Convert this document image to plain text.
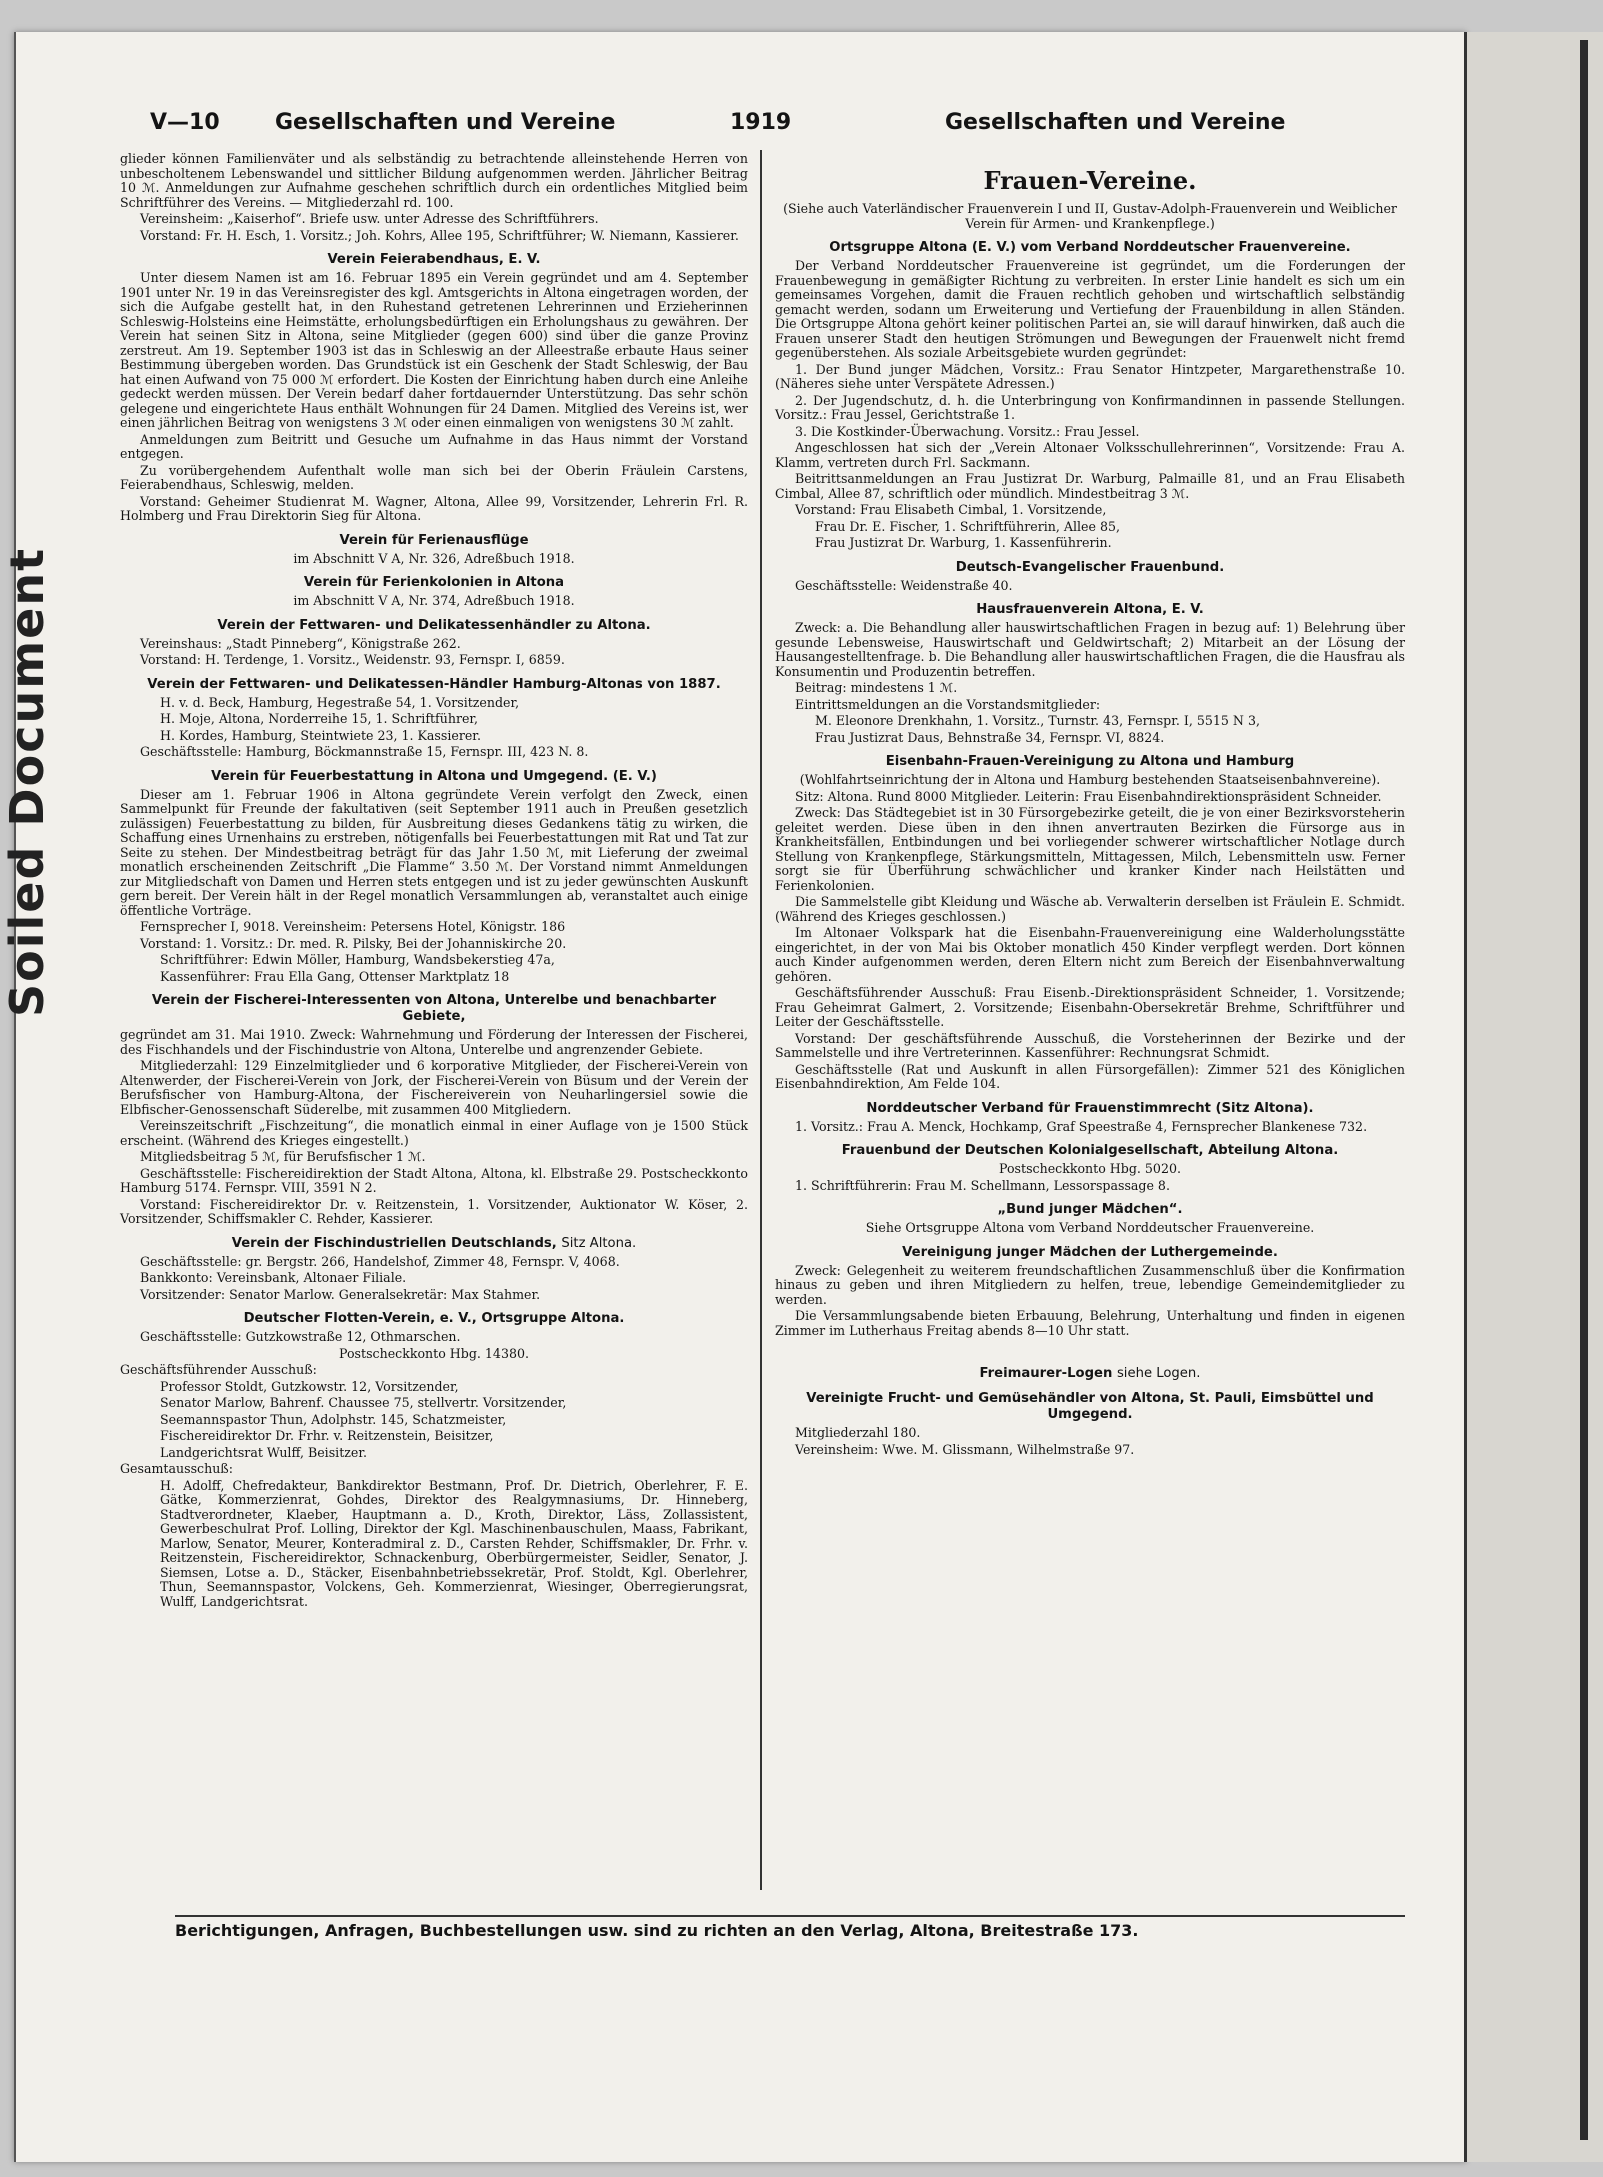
Soiled Document
V—10	Gesellschaften und Vereine	1919	Gesellschaften und Vereine

glieder können Familienväter und als selbständig zu betrachtende alleinstehende Herren von unbescholtenem Lebenswandel und sittlicher Bildung aufgenommen werden. Jährlicher Beitrag 10 ℳ. Anmeldungen zur Aufnahme geschehen schriftlich durch ein ordentliches Mitglied beim Schriftführer des Vereins. — Mitgliederzahl rd. 100.

Vereinsheim: „Kaiserhof“. Briefe usw. unter Adresse des Schriftführers.

Vorstand: Fr. H. Esch, 1. Vorsitz.; Joh. Kohrs, Allee 195, Schriftführer; W. Niemann, Kassierer.

Verein Feierabendhaus, E. V.

Unter diesem Namen ist am 16. Februar 1895 ein Verein gegründet und am 4. September 1901 unter Nr. 19 in das Vereinsregister des kgl. Amtsgerichts in Altona eingetragen worden, der sich die Aufgabe gestellt hat, in den Ruhestand getretenen Lehrerinnen und Erzieherinnen Schleswig-Holsteins eine Heimstätte, erholungsbedürftigen ein Erholungshaus zu gewähren. Der Verein hat seinen Sitz in Altona, seine Mitglieder (gegen 600) sind über die ganze Provinz zerstreut. Am 19. September 1903 ist das in Schleswig an der Alleestraße erbaute Haus seiner Bestimmung übergeben worden. Das Grundstück ist ein Geschenk der Stadt Schleswig, der Bau hat einen Aufwand von 75 000 ℳ erfordert. Die Kosten der Einrichtung haben durch eine Anleihe gedeckt werden müssen. Der Verein bedarf daher fortdauernder Unterstützung. Das sehr schön gelegene und eingerichtete Haus enthält Wohnungen für 24 Damen. Mitglied des Vereins ist, wer einen jährlichen Beitrag von wenigstens 3 ℳ oder einen einmaligen von wenigstens 30 ℳ zahlt.

Anmeldungen zum Beitritt und Gesuche um Aufnahme in das Haus nimmt der Vorstand entgegen.

Zu vorübergehendem Aufenthalt wolle man sich bei der Oberin Fräulein Carstens, Feierabendhaus, Schleswig, melden.

Vorstand: Geheimer Studienrat M. Wagner, Altona, Allee 99, Vorsitzender, Lehrerin Frl. R. Holmberg und Frau Direktorin Sieg für Altona.

Verein für Ferienausflüge

im Abschnitt V A, Nr. 326, Adreßbuch 1918.

Verein für Ferienkolonien in Altona

im Abschnitt V A, Nr. 374, Adreßbuch 1918.

Verein der Fettwaren- und Delikatessenhändler zu Altona.

Vereinshaus: „Stadt Pinneberg“, Königstraße 262.

Vorstand: H. Terdenge, 1. Vorsitz., Weidenstr. 93, Fernspr. I, 6859.

Verein der Fettwaren- und Delikatessen-Händler Hamburg-Altonas von 1887.

H. v. d. Beck, Hamburg, Hegestraße 54, 1. Vorsitzender,

H. Moje, Altona, Norderreihe 15, 1. Schriftführer,

H. Kordes, Hamburg, Steintwiete 23, 1. Kassierer.

Geschäftsstelle: Hamburg, Böckmannstraße 15, Fernspr. III, 423 N. 8.

Verein für Feuerbestattung in Altona und Umgegend. (E. V.)

Dieser am 1. Februar 1906 in Altona gegründete Verein verfolgt den Zweck, einen Sammelpunkt für Freunde der fakultativen (seit September 1911 auch in Preußen gesetzlich zulässigen) Feuerbestattung zu bilden, für Ausbreitung dieses Gedankens tätig zu wirken, die Schaffung eines Urnenhains zu erstreben, nötigenfalls bei Feuerbestattungen mit Rat und Tat zur Seite zu stehen. Der Mindestbeitrag beträgt für das Jahr 1.50 ℳ, mit Lieferung der zweimal monatlich erscheinenden Zeitschrift „Die Flamme“ 3.50 ℳ. Der Vorstand nimmt Anmeldungen zur Mitgliedschaft von Damen und Herren stets entgegen und ist zu jeder gewünschten Auskunft gern bereit. Der Verein hält in der Regel monatlich Versammlungen ab, veranstaltet auch einige öffentliche Vorträge.

Fernsprecher I, 9018. Vereinsheim: Petersens Hotel, Königstr. 186

Vorstand: 1. Vorsitz.: Dr. med. R. Pilsky, Bei der Johanniskirche 20.

Schriftführer: Edwin Möller, Hamburg, Wandsbekerstieg 47a,

Kassenführer: Frau Ella Gang, Ottenser Marktplatz 18

Verein der Fischerei-Interessenten von Altona, Unterelbe und benachbarter Gebiete,

gegründet am 31. Mai 1910. Zweck: Wahrnehmung und Förderung der Interessen der Fischerei, des Fischhandels und der Fischindustrie von Altona, Unterelbe und angrenzender Gebiete.

Mitgliederzahl: 129 Einzelmitglieder und 6 korporative Mitglieder, der Fischerei-Verein von Altenwerder, der Fischerei-Verein von Jork, der Fischerei-Verein von Büsum und der Verein der Berufsfischer von Hamburg-Altona, der Fischereiverein von Neuharlingersiel sowie die Elbfischer-Genossenschaft Süderelbe, mit zusammen 400 Mitgliedern.

Vereinszeitschrift „Fischzeitung“, die monatlich einmal in einer Auflage von je 1500 Stück erscheint. (Während des Krieges eingestellt.)

Mitgliedsbeitrag 5 ℳ, für Berufsfischer 1 ℳ.

Geschäftsstelle: Fischereidirektion der Stadt Altona, Altona, kl. Elbstraße 29. Postscheckkonto Hamburg 5174. Fernspr. VIII, 3591 N 2.

Vorstand: Fischereidirektor Dr. v. Reitzenstein, 1. Vorsitzender, Auktionator W. Köser, 2. Vorsitzender, Schiffsmakler C. Rehder, Kassierer.

Verein der Fischindustriellen Deutschlands, Sitz Altona.

Geschäftsstelle: gr. Bergstr. 266, Handelshof, Zimmer 48, Fernspr. V, 4068.

Bankkonto: Vereinsbank, Altonaer Filiale.

Vorsitzender: Senator Marlow. Generalsekretär: Max Stahmer.

Deutscher Flotten-Verein, e. V., Ortsgruppe Altona.

Geschäftsstelle: Gutzkowstraße 12, Othmarschen.

Postscheckkonto Hbg. 14380.

Geschäftsführender Ausschuß:

Professor Stoldt, Gutzkowstr. 12, Vorsitzender,

Senator Marlow, Bahrenf. Chaussee 75, stellvertr. Vorsitzender,

Seemannspastor Thun, Adolphstr. 145, Schatzmeister,

Fischereidirektor Dr. Frhr. v. Reitzenstein, Beisitzer,

Landgerichtsrat Wulff, Beisitzer.

Gesamtausschuß:

H. Adolff, Chefredakteur, Bankdirektor Bestmann, Prof. Dr. Dietrich, Oberlehrer, F. E. Gätke, Kommerzienrat, Gohdes, Direktor des Realgymnasiums, Dr. Hinneberg, Stadtverordneter, Klaeber, Hauptmann a. D., Kroth, Direktor, Läss, Zollassistent, Gewerbeschulrat Prof. Lolling, Direktor der Kgl. Maschinenbauschulen, Maass, Fabrikant, Marlow, Senator, Meurer, Konteradmiral z. D., Carsten Rehder, Schiffsmakler, Dr. Frhr. v. Reitzenstein, Fischereidirektor, Schnackenburg, Oberbürgermeister, Seidler, Senator, J. Siemsen, Lotse a. D., Stäcker, Eisenbahnbetriebssekretär, Prof. Stoldt, Kgl. Oberlehrer, Thun, Seemannspastor, Volckens, Geh. Kommerzienrat, Wiesinger, Oberregierungsrat, Wulff, Landgerichtsrat.

Frauen-Vereine.

(Siehe auch Vaterländischer Frauenverein I und II, Gustav-Adolph-Frauenverein und Weiblicher Verein für Armen- und Krankenpflege.)

Ortsgruppe Altona (E. V.) vom Verband Norddeutscher Frauenvereine.

Der Verband Norddeutscher Frauenvereine ist gegründet, um die Forderungen der Frauenbewegung in gemäßigter Richtung zu verbreiten. In erster Linie handelt es sich um ein gemeinsames Vorgehen, damit die Frauen rechtlich gehoben und wirtschaftlich selbständig gemacht werden, sodann um Erweiterung und Vertiefung der Frauenbildung in allen Ständen. Die Ortsgruppe Altona gehört keiner politischen Partei an, sie will darauf hinwirken, daß auch die Frauen unserer Stadt den heutigen Strömungen und Bewegungen der Frauenwelt nicht fremd gegenüberstehen. Als soziale Arbeitsgebiete wurden gegründet:

1. Der Bund junger Mädchen, Vorsitz.: Frau Senator Hintzpeter, Margarethenstraße 10. (Näheres siehe unter Verspätete Adressen.)

2. Der Jugendschutz, d. h. die Unterbringung von Konfirmandinnen in passende Stellungen. Vorsitz.: Frau Jessel, Gerichtstraße 1.

3. Die Kostkinder-Überwachung. Vorsitz.: Frau Jessel.

Angeschlossen hat sich der „Verein Altonaer Volksschullehrerinnen“, Vorsitzende: Frau A. Klamm, vertreten durch Frl. Sackmann.

Beitrittsanmeldungen an Frau Justizrat Dr. Warburg, Palmaille 81, und an Frau Elisabeth Cimbal, Allee 87, schriftlich oder mündlich. Mindestbeitrag 3 ℳ.

Vorstand: Frau Elisabeth Cimbal, 1. Vorsitzende,

Frau Dr. E. Fischer, 1. Schriftführerin, Allee 85,

Frau Justizrat Dr. Warburg, 1. Kassenführerin.

Deutsch-Evangelischer Frauenbund.

Geschäftsstelle: Weidenstraße 40.

Hausfrauenverein Altona, E. V.

Zweck: a. Die Behandlung aller hauswirtschaftlichen Fragen in bezug auf: 1) Belehrung über gesunde Lebensweise, Hauswirtschaft und Geldwirtschaft; 2) Mitarbeit an der Lösung der Hausangestelltenfrage. b. Die Behandlung aller hauswirtschaftlichen Fragen, die die Hausfrau als Konsumentin und Produzentin betreffen.

Beitrag: mindestens 1 ℳ.

Eintrittsmeldungen an die Vorstandsmitglieder:

M. Eleonore Drenkhahn, 1. Vorsitz., Turnstr. 43, Fernspr. I, 5515 N 3,

Frau Justizrat Daus, Behnstraße 34, Fernspr. VI, 8824.

Eisenbahn-Frauen-Vereinigung zu Altona und Hamburg

(Wohlfahrtseinrichtung der in Altona und Hamburg bestehenden Staatseisenbahnvereine).

Sitz: Altona. Rund 8000 Mitglieder. Leiterin: Frau Eisenbahndirektionspräsident Schneider.

Zweck: Das Städtegebiet ist in 30 Fürsorgebezirke geteilt, die je von einer Bezirksvorsteherin geleitet werden. Diese üben in den ihnen anvertrauten Bezirken die Fürsorge aus in Krankheitsfällen, Entbindungen und bei vorliegender schwerer wirtschaftlicher Notlage durch Stellung von Krankenpflege, Stärkungsmitteln, Mittagessen, Milch, Lebensmitteln usw. Ferner sorgt sie für Überführung schwächlicher und kranker Kinder nach Heilstätten und Ferienkolonien.

Die Sammelstelle gibt Kleidung und Wäsche ab. Verwalterin derselben ist Fräulein E. Schmidt. (Während des Krieges geschlossen.)

Im Altonaer Volkspark hat die Eisenbahn-Frauenvereinigung eine Walderholungsstätte eingerichtet, in der von Mai bis Oktober monatlich 450 Kinder verpflegt werden. Dort können auch Kinder aufgenommen werden, deren Eltern nicht zum Bereich der Eisenbahnverwaltung gehören.

Geschäftsführender Ausschuß: Frau Eisenb.-Direktionspräsident Schneider, 1. Vorsitzende; Frau Geheimrat Galmert, 2. Vorsitzende; Eisenbahn-Obersekretär Brehme, Schriftführer und Leiter der Geschäftsstelle.

Vorstand: Der geschäftsführende Ausschuß, die Vorsteherinnen der Bezirke und der Sammelstelle und ihre Vertreterinnen. Kassenführer: Rechnungsrat Schmidt.

Geschäftsstelle (Rat und Auskunft in allen Fürsorgefällen): Zimmer 521 des Königlichen Eisenbahndirektion, Am Felde 104.

Norddeutscher Verband für Frauenstimmrecht (Sitz Altona).

1. Vorsitz.: Frau A. Menck, Hochkamp, Graf Speestraße 4, Fernsprecher Blankenese 732.

Frauenbund der Deutschen Kolonialgesellschaft, Abteilung Altona.

Postscheckkonto Hbg. 5020.

1. Schriftführerin: Frau M. Schellmann, Lessorspassage 8.

„Bund junger Mädchen“.

Siehe Ortsgruppe Altona vom Verband Norddeutscher Frauenvereine.

Vereinigung junger Mädchen der Luthergemeinde.

Zweck: Gelegenheit zu weiterem freundschaftlichen Zusammenschluß über die Konfirmation hinaus zu geben und ihren Mitgliedern zu helfen, treue, lebendige Gemeindemitglieder zu werden.

Die Versammlungsabende bieten Erbauung, Belehrung, Unterhaltung und finden in eigenen Zimmer im Lutherhaus Freitag abends 8—10 Uhr statt.

Freimaurer-Logen siehe Logen.
Vereinigte Frucht- und Gemüsehändler von Altona, St. Pauli, Eimsbüttel und Umgegend.

Mitgliederzahl 180.

Vereinsheim: Wwe. M. Glissmann, Wilhelmstraße 97.

Berichtigungen, Anfragen, Buchbestellungen usw. sind zu richten an den Verlag, Altona, Breitestraße 173.
